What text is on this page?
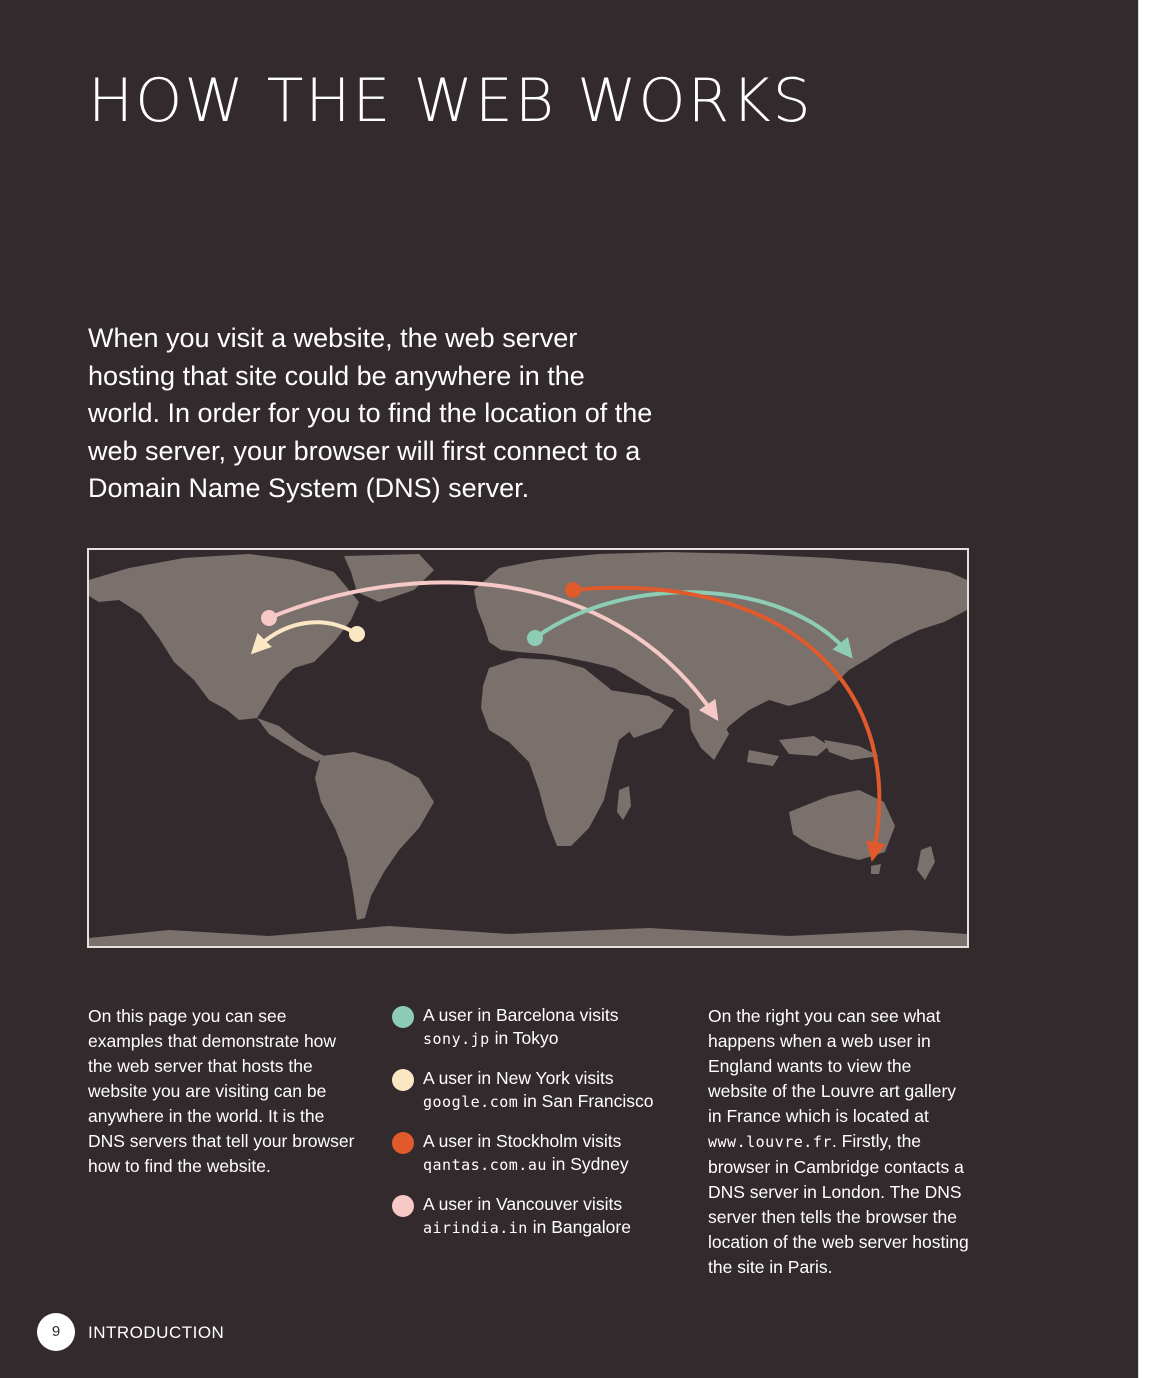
HOW THE WEB WORKS

When you visit a website, the web server hosting that site could be anywhere in the world. In order for you to find the location of the web server, your browser will first connect to a Domain Name System (DNS) server.

On this page you can see examples that demonstrate how the web server that hosts the website you are visiting can be anywhere in the world. It is the DNS servers that tell your browser how to find the website.

A user in Barcelona visits
sony.jp in Tokyo
A user in New York visits
google.com in San Francisco
A user in Stockholm visits
qantas.com.au in Sydney
A user in Vancouver visits
airindia.in in Bangalore

On the right you can see what happens when a web user in England wants to view the website of the Louvre art gallery in France which is located at www.louvre.fr. Firstly, the browser in Cambridge contacts a DNS server in London. The DNS server then tells the browser the location of the web server hosting the site in Paris.

9	INTRODUCTION
